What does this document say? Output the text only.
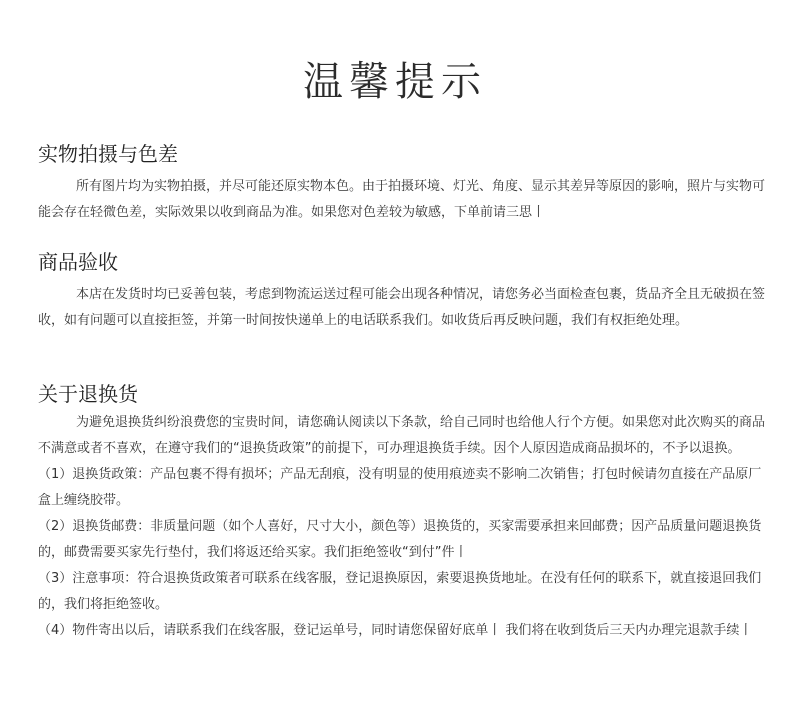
温馨提示
实物拍摄与色差

所有图片均为实物拍摄，并尽可能还原实物本色。由于拍摄环境、灯光、角度、显示其差异等原因的影响，照片与实物可能会存在轻微色差，实际效果以收到商品为准。如果您对色差较为敏感，下单前请三思丨

商品验收

本店在发货时均已妥善包装，考虑到物流运送过程可能会出现各种情况，请您务必当面检查包裹，货品齐全且无破损在签收，如有问题可以直接拒签，并第一时间按快递单上的电话联系我们。如收货后再反映问题，我们有权拒绝处理。

关于退换货

为避免退换货纠纷浪费您的宝贵时间，请您确认阅读以下条款，给自己同时也给他人行个方便。如果您对此次购买的商品不满意或者不喜欢，在遵守我们的“退换货政策”的前提下，可办理退换货手续。因个人原因造成商品损坏的，不予以退换。

（1）退换货政策：产品包裹不得有损坏；产品无刮痕，没有明显的使用痕迹卖不影响二次销售；打包时候请勿直接在产品原厂盒上缠绕胶带。

（2）退换货邮费：非质量问题（如个人喜好，尺寸大小，颜色等）退换货的，买家需要承担来回邮费；因产品质量问题退换货的，邮费需要买家先行垫付，我们将返还给买家。我们拒绝签收“到付”件丨

（3）注意事项：符合退换货政策者可联系在线客服，登记退换原因，索要退换货地址。在没有任何的联系下，就直接退回我们的，我们将拒绝签收。

（4）物件寄出以后，请联系我们在线客服，登记运单号，同时请您保留好底单丨 我们将在收到货后三天内办理完退款手续丨
